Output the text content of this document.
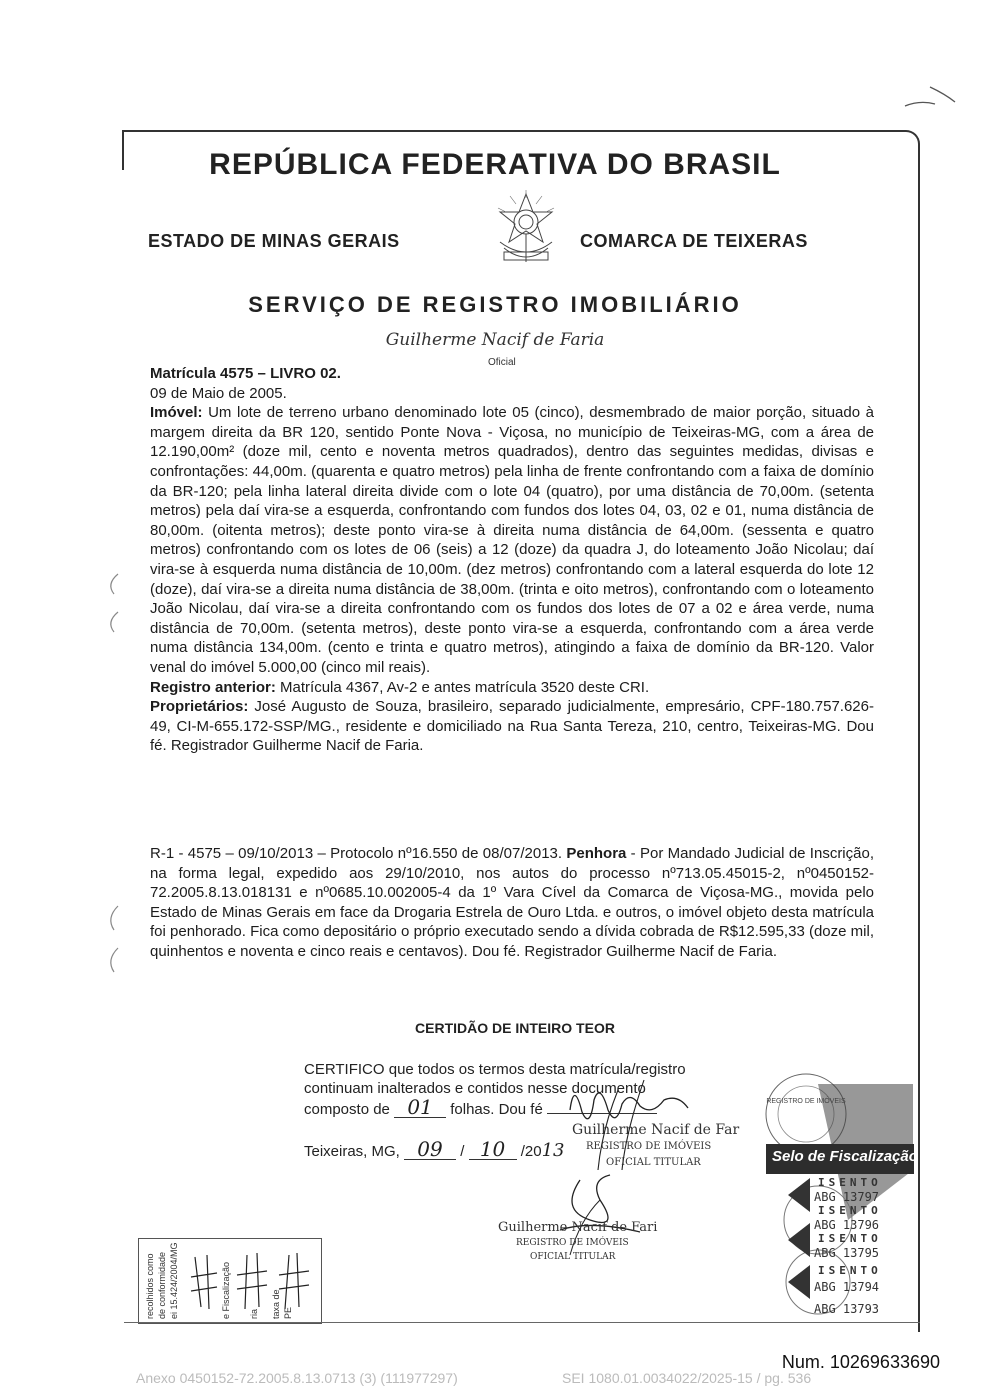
REPÚBLICA FEDERATIVA DO BRASIL
ESTADO DE MINAS GERAIS	COMARCA DE TEIXERAS
SERVIÇO DE REGISTRO IMOBILIÁRIO
Guilherme Nacif de Faria
Oficial

Matrícula 4575 – LIVRO 02.

09 de Maio de 2005.

Imóvel: Um lote de terreno urbano denominado lote 05 (cinco), desmembrado de maior porção, situado à margem direita da BR 120, sentido Ponte Nova - Viçosa, no município de Teixeiras-MG, com a área de 12.190,00m² (doze mil, cento e noventa metros quadrados), dentro das seguintes medidas, divisas e confrontações: 44,00m. (quarenta e quatro metros) pela linha de frente confrontando com a faixa de domínio da BR-120; pela linha lateral direita divide com o lote 04 (quatro), por uma distância de 70,00m. (setenta metros) pela daí vira-se a esquerda, confrontando com fundos dos lotes 04, 03, 02 e 01, numa distância de 80,00m. (oitenta metros); deste ponto vira-se à direita numa distância de 64,00m. (sessenta e quatro metros) confrontando com os lotes de 06 (seis) a 12 (doze) da quadra J, do loteamento João Nicolau; daí vira-se à esquerda numa distância de 10,00m. (dez metros) confrontando com a lateral esquerda do lote 12 (doze), daí vira-se a direita numa distância de 38,00m. (trinta e oito metros), confrontando com o loteamento João Nicolau, daí vira-se a direita confrontando com os fundos dos lotes de 07 a 02 e área verde, numa distância de 70,00m. (setenta metros), deste ponto vira-se a esquerda, confrontando com a área verde numa distância 134,00m. (cento e trinta e quatro metros), atingindo a faixa de domínio da BR-120. Valor venal do imóvel 5.000,00 (cinco mil reais).

Registro anterior: Matrícula 4367, Av-2 e antes matrícula 3520 deste CRI.

Proprietários: José Augusto de Souza, brasileiro, separado judicialmente, empresário, CPF-180.757.626-49, CI-M-655.172-SSP/MG., residente e domiciliado na Rua Santa Tereza, 210, centro, Teixeiras-MG. Dou fé. Registrador Guilherme Nacif de Faria.

R-1 - 4575 – 09/10/2013 – Protocolo nº16.550 de 08/07/2013. Penhora - Por Mandado Judicial de Inscrição, na forma legal, expedido aos 29/10/2010, nos autos do processo nº713.05.45015-2, nº0450152-72.2005.8.13.018131 e nº0685.10.002005-4 da 1º Vara Cível da Comarca de Viçosa-MG., movida pelo Estado de Minas Gerais em face da Drogaria Estrela de Ouro Ltda. e outros, o imóvel objeto desta matrícula foi penhorado. Fica como depositário o próprio executado sendo a dívida cobrada de R$12.595,33 (doze mil, quinhentos e noventa e cinco reais e centavos). Dou fé. Registrador Guilherme Nacif de Faria.

CERTIDÃO DE INTEIRO TEOR
CERTIFICO que todos os termos desta matrícula/registro
continuam inalterados e contidos nesse documento
composto de 01 folhas. Dou fé
Teixeiras, MG, 09 / 10 /2013
Guilherme Nacif de Far
REGISTRO DE IMÓVEIS
OFICIAL TITULAR
Guilherme Nacif de Fari
REGISTRO DE IMÓVEIS
OFICIAL TITULAR
Selo de Fiscalização
REGISTRO DE IMÓVEIS
ISENTO
ABG 13797
ISENTO
ABG 13796
ISENTO
ABG 13795
ISENTO
ABG 13794
ABG 13793
recolhidos como de conformidade ei 15.424/2004/MG	e Fiscalização ria taxa de PE
Num. 10269633690
Anexo 0450152-72.2005.8.13.0713 (3) (111977297)	SEI 1080.01.0034022/2025-15 / pg. 536
